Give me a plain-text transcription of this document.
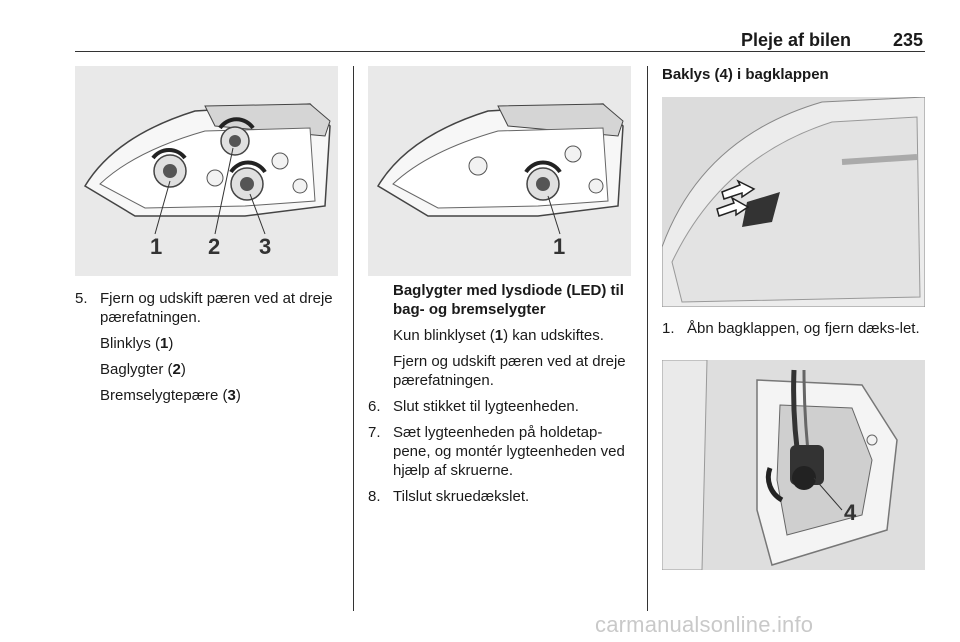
Pleje af bilen 235
1 2 3
5. Fjern og udskift pæren ved at dreje pærefatningen.
Blinklys (1)
Baglygter (2)
Bremselygtepære (3)
1
Baglygter med lysdiode (LED) til bag- og bremselygter
Kun blinklyset (1) kan udskiftes.
Fjern og udskift pæren ved at dreje pærefatningen.
6. Slut stikket til lygteenheden.
7. Sæt lygteenheden på holdetap-pene, og montér lygteenheden ved hjælp af skruerne.
8. Tilslut skruedækslet.
Baklys (4) i bagklappen
1. Åbn bagklappen, og fjern dæks-let.
4
carmanualsonline.info
